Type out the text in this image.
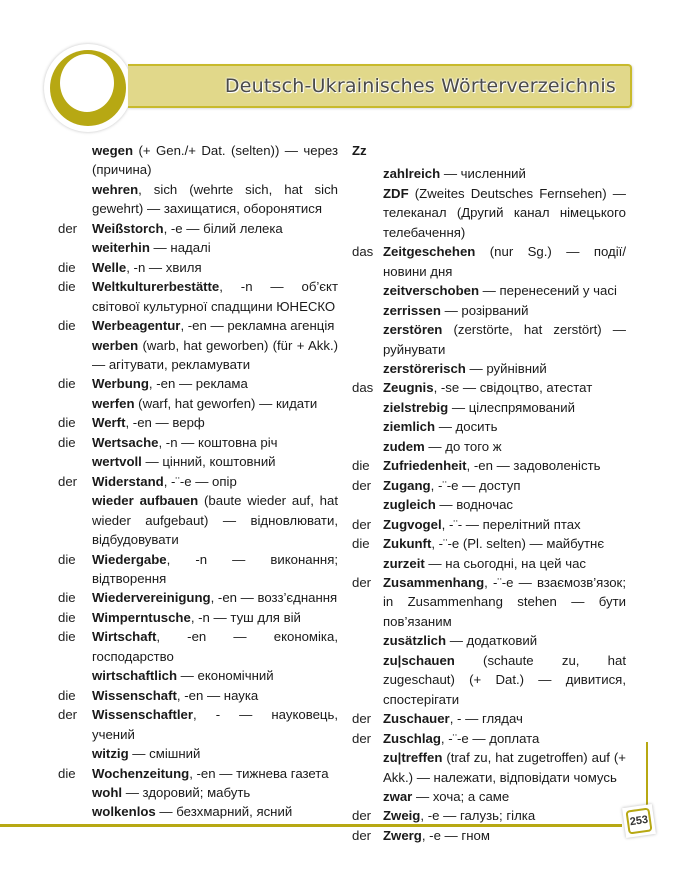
Deutsch-Ukrainisches Wörterverzeichnis
wegen (+ Gen./+ Dat. (selten)) — через (причина)
wehren, sich (wehrte sich, hat sich gewehrt) — захищатися, оборонятися
der	Weißstorch, -e — білий лелека
weiterhin — надалі
die	Welle, -n — хвиля
die	Weltkulturerbestätte, -n — об’єкт світової культурної спадщини ЮНЕСКО
die	Werbeagentur, -en — рекламна агенція
werben (warb, hat geworben) (für + Akk.) — агітувати, рекламувати
die	Werbung, -en — реклама
werfen (warf, hat geworfen) — кидати
die	Werft, -en — верф
die	Wertsache, -n — коштовна річ
wertvoll — цінний, коштовний
der	Widerstand, -¨-e — опір
wieder aufbauen (baute wieder auf, hat wieder aufgebaut) — відновлювати, відбудовувати
die	Wiedergabe, -n — виконання; відтворення
die	Wiedervereinigung, -en — возз’єднання
die	Wimperntusche, -n — туш для вій
die	Wirtschaft, -en — економіка, господарство
wirtschaftlich — економічний
die	Wissenschaft, -en — наука
der	Wissenschaftler, - — науковець, учений
witzig — смішний
die	Wochenzeitung, -en — тижнева газета
wohl — здоровий; мабуть
wolkenlos — безхмарний, ясний
Zz
zahlreich — численний
ZDF (Zweites Deutsches Fernsehen) — телеканал (Другий канал німецького телебачення)
das Zeitgeschehen (nur Sg.) — події/новини дня
zeitverschoben — перенесений у часі
zerrissen — розірваний
zerstören (zerstörte, hat zerstört) — руйнувати
zerstörerisch — руйнівний
das Zeugnis, -se — свідоцтво, атестат
zielstrebig — цілеспрямований
ziemlich — досить
zudem — до того ж
die	Zufriedenheit, -en — задоволеність
der Zugang, -¨-e — доступ
zugleich — водночас
der Zugvogel, -¨- — перелітний птах
die	Zukunft, -¨-e (Pl. selten) — майбутнє
zurzeit — на сьогодні, на цей час
der Zusammenhang, -¨-e — взаємозв’язок; in Zusammenhang stehen — бути пов’язаним
zusätzlich — додатковий
zu|schauen (schaute zu, hat zugeschaut) (+ Dat.) — дивитися, спостерігати
der Zuschauer, - — глядач
der Zuschlag, -¨-e — доплата
zu|treffen (traf zu, hat zugetroffen) auf (+ Akk.) — належати, відповідати чомусь
zwar — хоча; а саме
der Zweig, -e — галузь; гілка
der Zwerg, -e — гном
253
